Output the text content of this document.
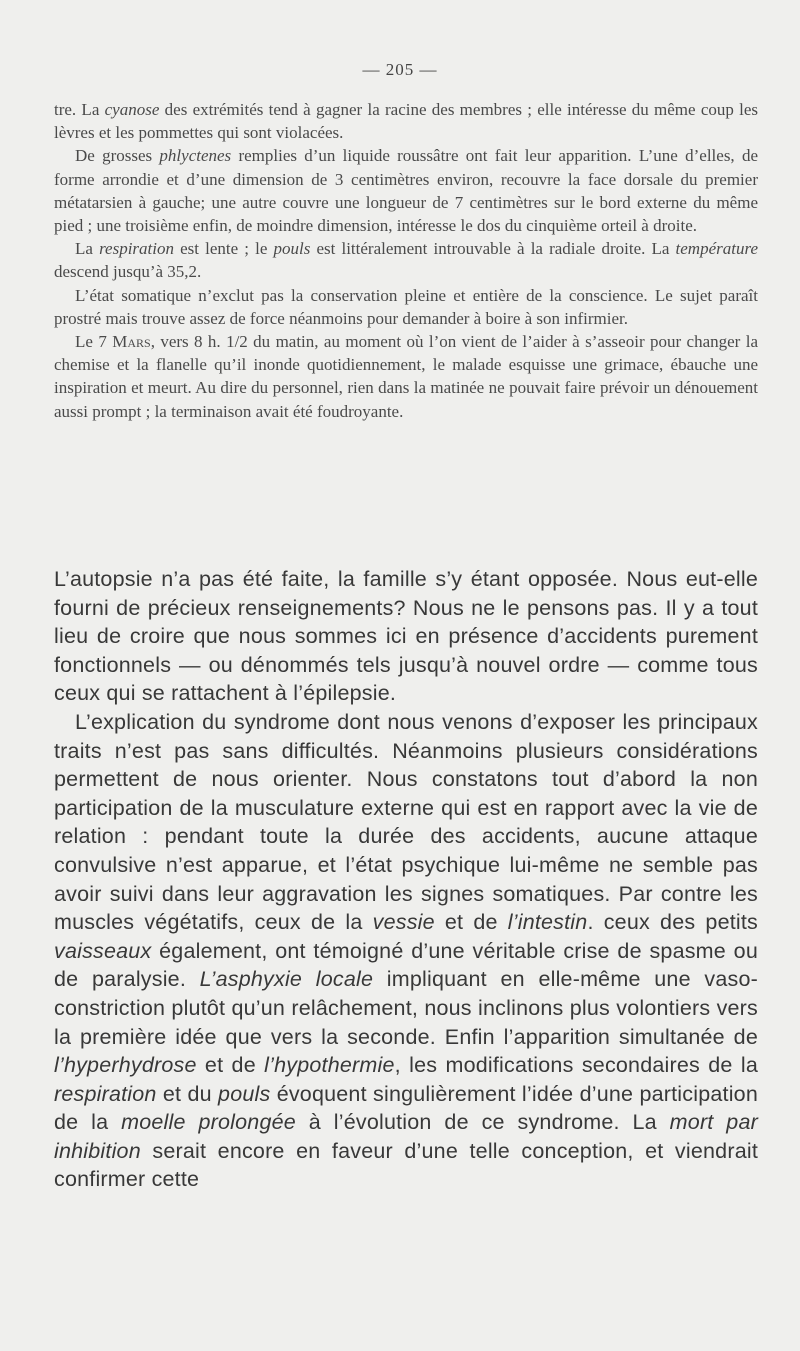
— 205 —

tre. La cyanose des extrémités tend à gagner la racine des membres ; elle intéresse du même coup les lèvres et les pommettes qui sont violacées.

De grosses phlyctenes remplies d’un liquide roussâtre ont fait leur apparition. L’une d’elles, de forme arrondie et d’une dimension de 3 centimètres environ, recouvre la face dorsale du premier métatarsien à gauche; une autre couvre une longueur de 7 centimètres sur le bord externe du même pied ; une troisième enfin, de moindre dimension, intéresse le dos du cinquième orteil à droite.

La respiration est lente ; le pouls est littéralement introuvable à la radiale droite. La température descend jusqu’à 35,2.

L’état somatique n’exclut pas la conservation pleine et entière de la conscience. Le sujet paraît prostré mais trouve assez de force néanmoins pour demander à boire à son infirmier.

Le 7 Mars, vers 8 h. 1/2 du matin, au moment où l’on vient de l’aider à s’asseoir pour changer la chemise et la flanelle qu’il inonde quotidiennement, le malade esquisse une grimace, ébauche une inspiration et meurt. Au dire du personnel, rien dans la matinée ne pouvait faire prévoir un dénouement aussi prompt ; la terminaison avait été foudroyante.

L’autopsie n’a pas été faite, la famille s’y étant opposée. Nous eut-elle fourni de précieux renseignements? Nous ne le pensons pas. Il y a tout lieu de croire que nous sommes ici en présence d’accidents purement fonctionnels — ou dénommés tels jusqu’à nouvel ordre — comme tous ceux qui se rattachent à l’épilepsie.

L’explication du syndrome dont nous venons d’exposer les principaux traits n’est pas sans difficultés. Néanmoins plusieurs considérations permettent de nous orienter. Nous constatons tout d’abord la non participation de la musculature externe qui est en rapport avec la vie de relation : pendant toute la durée des accidents, aucune attaque convulsive n’est apparue, et l’état psychique lui-même ne semble pas avoir suivi dans leur aggravation les signes somatiques. Par contre les muscles végétatifs, ceux de la vessie et de l’intestin. ceux des petits vaisseaux également, ont témoigné d’une véritable crise de spasme ou de paralysie. L’asphyxie locale impliquant en elle-même une vaso-constriction plutôt qu’un relâchement, nous inclinons plus volontiers vers la première idée que vers la seconde. Enfin l’apparition simultanée de l’hyperhydrose et de l’hypothermie, les modifications secondaires de la respiration et du pouls évoquent singulièrement l’idée d’une participation de la moelle prolongée à l’évolution de ce syndrome. La mort par inhibition serait encore en faveur d’une telle conception, et viendrait confirmer cette
